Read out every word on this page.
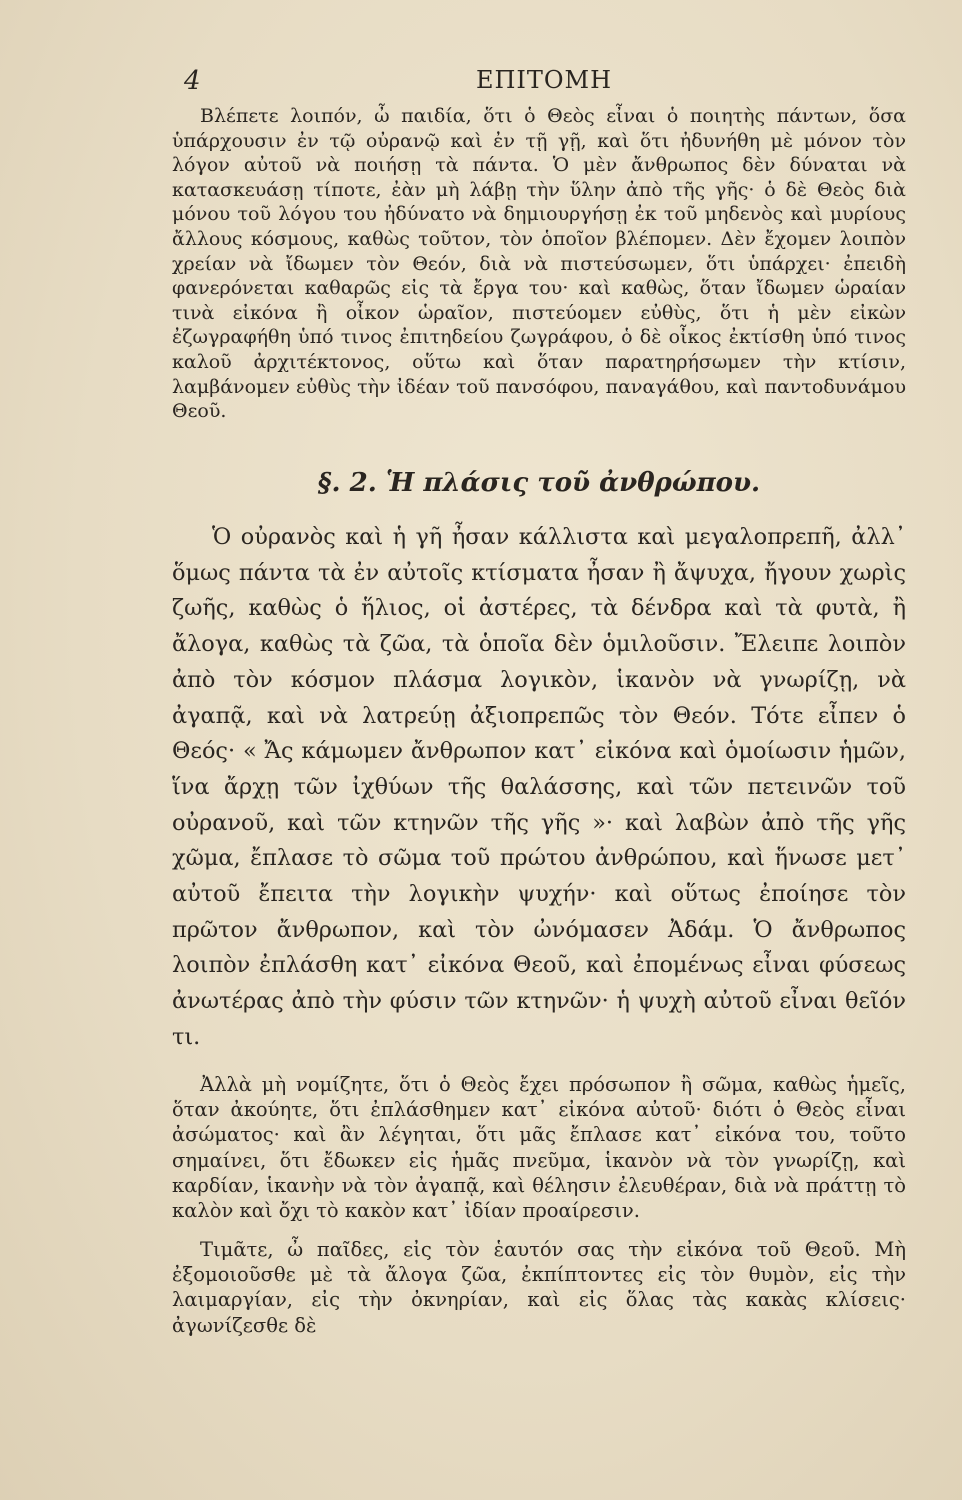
4	ΕΠΙΤΟΜΗ

Βλέπετε λοιπόν, ὦ παιδία, ὅτι ὁ Θεὸς εἶναι ὁ ποιητὴς πάντων, ὅσα ὑπάρχουσιν ἐν τῷ οὐρανῷ καὶ ἐν τῇ γῇ, καὶ ὅτι ἠδυνήθη μὲ μόνον τὸν λόγον αὐτοῦ νὰ ποιήσῃ τὰ πάντα. Ὁ μὲν ἄνθρωπος δὲν δύναται νὰ κατασκευάσῃ τίποτε, ἐὰν μὴ λάβῃ τὴν ὕλην ἀπὸ τῆς γῆς· ὁ δὲ Θεὸς διὰ μόνου τοῦ λόγου του ἠδύνατο νὰ δημιουργήσῃ ἐκ τοῦ μηδενὸς καὶ μυρίους ἄλλους κόσμους, καθὼς τοῦτον, τὸν ὁποῖον βλέπομεν. Δὲν ἔχομεν λοιπὸν χρείαν νὰ ἴδωμεν τὸν Θεόν, διὰ νὰ πιστεύσωμεν, ὅτι ὑπάρχει· ἐπειδὴ φανερόνεται καθαρῶς εἰς τὰ ἔργα του· καὶ καθὼς, ὅταν ἴδωμεν ὡραίαν τινὰ εἰκόνα ἢ οἶκον ὡραῖον, πιστεύομεν εὐθὺς, ὅτι ἡ μὲν εἰκὼν ἐζωγραφήθη ὑπό τινος ἐπιτηδείου ζωγράφου, ὁ δὲ οἶκος ἐκτίσθη ὑπό τινος καλοῦ ἀρχιτέκτονος, οὕτω καὶ ὅταν παρατηρήσωμεν τὴν κτίσιν, λαμβάνομεν εὐθὺς τὴν ἰδέαν τοῦ πανσόφου, παναγάθου, καὶ παντοδυνάμου Θεοῦ.

§. 2. Ἡ πλάσις τοῦ ἀνθρώπου.

Ὁ οὐρανὸς καὶ ἡ γῆ ἦσαν κάλλιστα καὶ μεγαλοπρεπῆ, ἀλλ᾿ ὅμως πάντα τὰ ἐν αὐτοῖς κτίσματα ἦσαν ἢ ἄψυχα, ἤγουν χωρὶς ζωῆς, καθὼς ὁ ἥλιος, οἱ ἀστέρες, τὰ δένδρα καὶ τὰ φυτὰ, ἢ ἄλογα, καθὼς τὰ ζῶα, τὰ ὁποῖα δὲν ὁμιλοῦσιν. Ἔλειπε λοιπὸν ἀπὸ τὸν κόσμον πλάσμα λογικὸν, ἱκανὸν νὰ γνωρίζῃ, νὰ ἀγαπᾷ, καὶ νὰ λατρεύῃ ἀξιοπρεπῶς τὸν Θεόν. Τότε εἶπεν ὁ Θεός· « Ἄς κάμωμεν ἄνθρωπον κατ᾿ εἰκόνα καὶ ὁμοίωσιν ἡμῶν, ἵνα ἄρχῃ τῶν ἰχθύων τῆς θαλάσσης, καὶ τῶν πετεινῶν τοῦ οὐρανοῦ, καὶ τῶν κτηνῶν τῆς γῆς »· καὶ λαβὼν ἀπὸ τῆς γῆς χῶμα, ἔπλασε τὸ σῶμα τοῦ πρώτου ἀνθρώπου, καὶ ἥνωσε μετ᾿ αὐτοῦ ἔπειτα τὴν λογικὴν ψυχήν· καὶ οὕτως ἐποίησε τὸν πρῶτον ἄνθρωπον, καὶ τὸν ὠνόμασεν Ἀδάμ. Ὁ ἄνθρωπος λοιπὸν ἐπλάσθη κατ᾿ εἰκόνα Θεοῦ, καὶ ἐπομένως εἶναι φύσεως ἀνωτέρας ἀπὸ τὴν φύσιν τῶν κτηνῶν· ἡ ψυχὴ αὐτοῦ εἶναι θεῖόν τι.

Ἀλλὰ μὴ νομίζητε, ὅτι ὁ Θεὸς ἔχει πρόσωπον ἢ σῶμα, καθὼς ἡμεῖς, ὅταν ἀκούητε, ὅτι ἐπλάσθημεν κατ᾿ εἰκόνα αὐτοῦ· διότι ὁ Θεὸς εἶναι ἀσώματος· καὶ ἂν λέγηται, ὅτι μᾶς ἔπλασε κατ᾿ εἰκόνα του, τοῦτο σημαίνει, ὅτι ἔδωκεν εἰς ἡμᾶς πνεῦμα, ἱκανὸν νὰ τὸν γνωρίζῃ, καὶ καρδίαν, ἱκανὴν νὰ τὸν ἀγαπᾷ, καὶ θέλησιν ἐλευθέραν, διὰ νὰ πράττῃ τὸ καλὸν καὶ ὄχι τὸ κακὸν κατ᾿ ἰδίαν προαίρεσιν.

Τιμᾶτε, ὦ παῖδες, εἰς τὸν ἑαυτόν σας τὴν εἰκόνα τοῦ Θεοῦ. Μὴ ἐξομοιοῦσθε μὲ τὰ ἄλογα ζῶα, ἐκπίπτοντες εἰς τὸν θυμὸν, εἰς τὴν λαιμαργίαν, εἰς τὴν ὀκνηρίαν, καὶ εἰς ὅλας τὰς κακὰς κλίσεις· ἀγωνίζεσθε δὲ
